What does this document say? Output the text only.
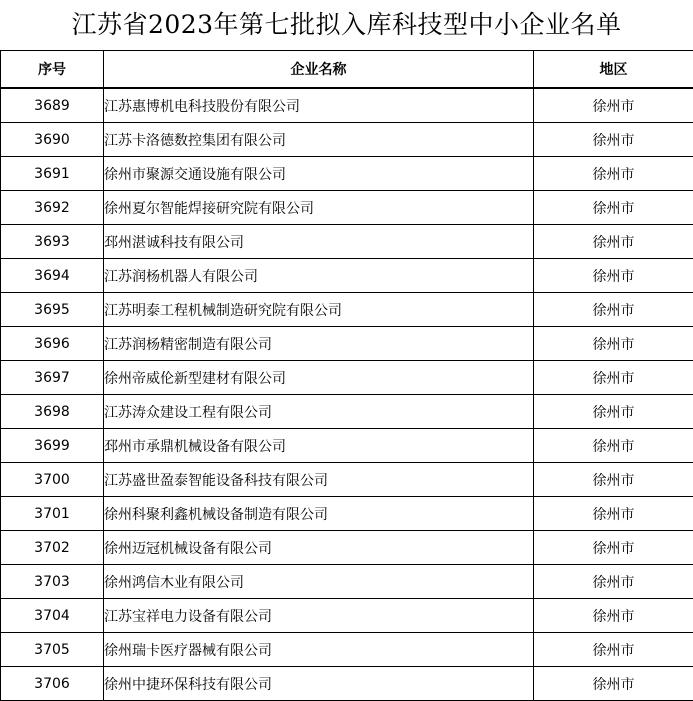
江苏省2023年第七批拟入库科技型中小企业名单
序号	企业名称	地区
3689	江苏惠博机电科技股份有限公司	徐州市
3690	江苏卡洛德数控集团有限公司	徐州市
3691	徐州市聚源交通设施有限公司	徐州市
3692	徐州夏尔智能焊接研究院有限公司	徐州市
3693	邳州湛诚科技有限公司	徐州市
3694	江苏润杨机器人有限公司	徐州市
3695	江苏明泰工程机械制造研究院有限公司	徐州市
3696	江苏润杨精密制造有限公司	徐州市
3697	徐州帝威伦新型建材有限公司	徐州市
3698	江苏涛众建设工程有限公司	徐州市
3699	邳州市承鼎机械设备有限公司	徐州市
3700	江苏盛世盈泰智能设备科技有限公司	徐州市
3701	徐州科聚利鑫机械设备制造有限公司	徐州市
3702	徐州迈冠机械设备有限公司	徐州市
3703	徐州鸿信木业有限公司	徐州市
3704	江苏宝祥电力设备有限公司	徐州市
3705	徐州瑞卡医疗器械有限公司	徐州市
3706	徐州中捷环保科技有限公司	徐州市
